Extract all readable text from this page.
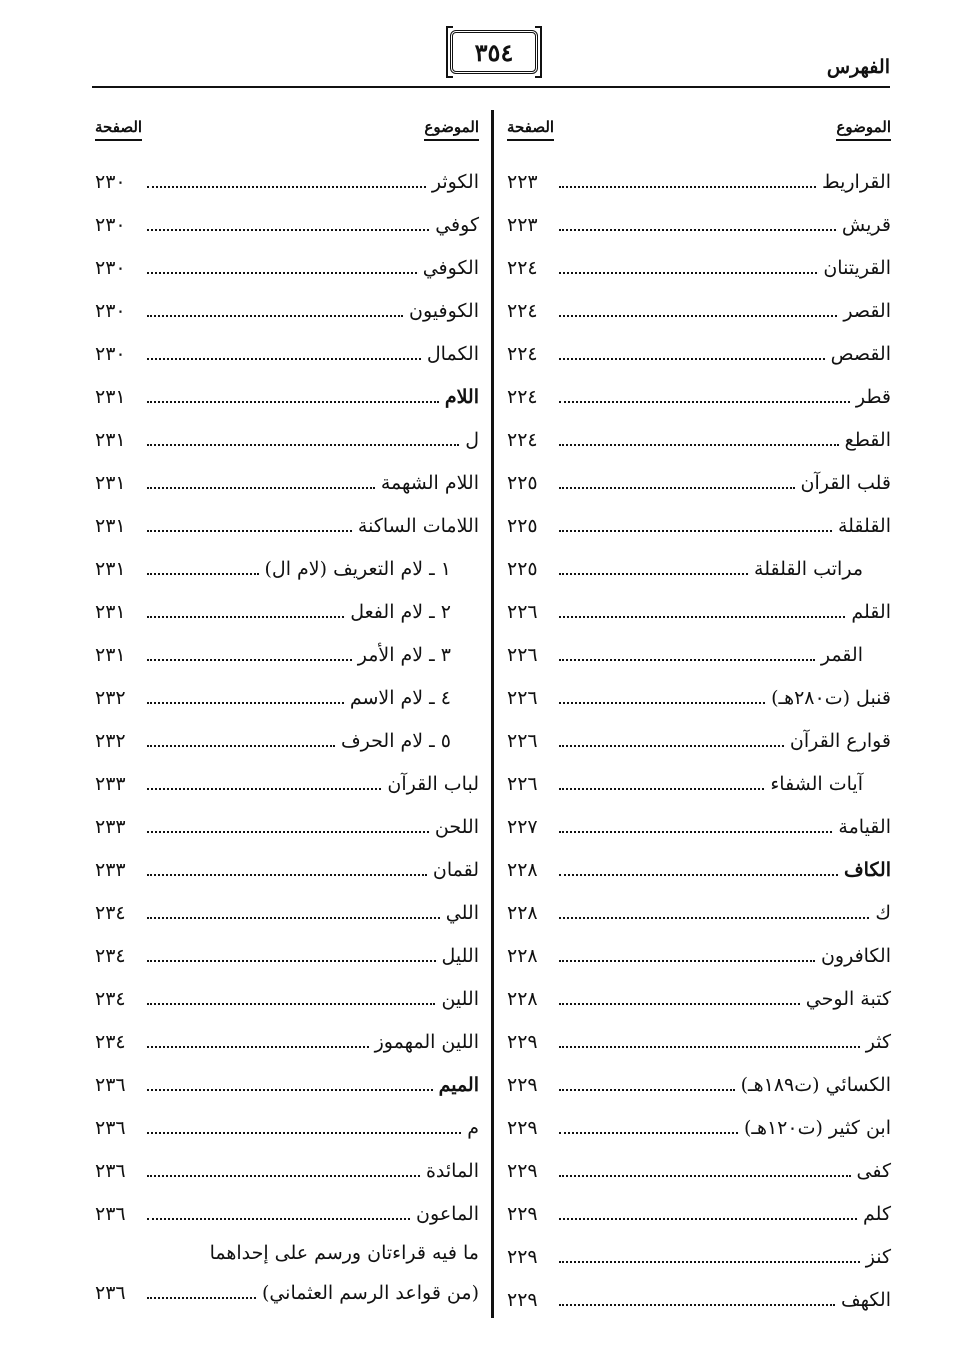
الفهرس
٣٥٤
الموضوع
الصفحة
القراريط
٢٢٣
قريش
٢٢٣
القريتنان
٢٢٤
القصر
٢٢٤
القصص
٢٢٤
قطر
٢٢٤
القطع
٢٢٤
قلب القرآن
٢٢٥
القلقلة
٢٢٥
مراتب القلقلة
٢٢٥
القلم
٢٢٦
القمر
٢٢٦
قنبل (ت٢٨٠هـ)
٢٢٦
قوارع القرآن
٢٢٦
آيات الشفاء
٢٢٦
القيامة
٢٢٧
الكاف
٢٢٨
ك
٢٢٨
الكافرون
٢٢٨
كتبة الوحي
٢٢٨
كثر
٢٢٩
الكسائي (ت١٨٩هـ)
٢٢٩
ابن كثير (ت١٢٠هـ)
٢٢٩
كفى
٢٢٩
كلم
٢٢٩
كنز
٢٢٩
الكهف
٢٢٩
الموضوع
الصفحة
الكوثر
٢٣٠
كوفي
٢٣٠
الكوفي
٢٣٠
الكوفيون
٢٣٠
الكمال
٢٣٠
اللام
٢٣١
ل
٢٣١
اللام الشهمة
٢٣١
اللامات الساكنة
٢٣١
١ ـ لام التعريف (لام ال)
٢٣١
٢ ـ لام الفعل
٢٣١
٣ ـ لام الأمر
٢٣١
٤ ـ لام الاسم
٢٣٢
٥ ـ لام الحرف
٢٣٢
لباب القرآن
٢٣٣
اللحن
٢٣٣
لقمان
٢٣٣
اللي
٢٣٤
الليل
٢٣٤
اللين
٢٣٤
اللين المهموز
٢٣٤
الميم
٢٣٦
م
٢٣٦
المائدة
٢٣٦
الماعون
٢٣٦
ما فيه قراءتان ورسم على إحداهما
(من قواعد الرسم العثماني)
٢٣٦
